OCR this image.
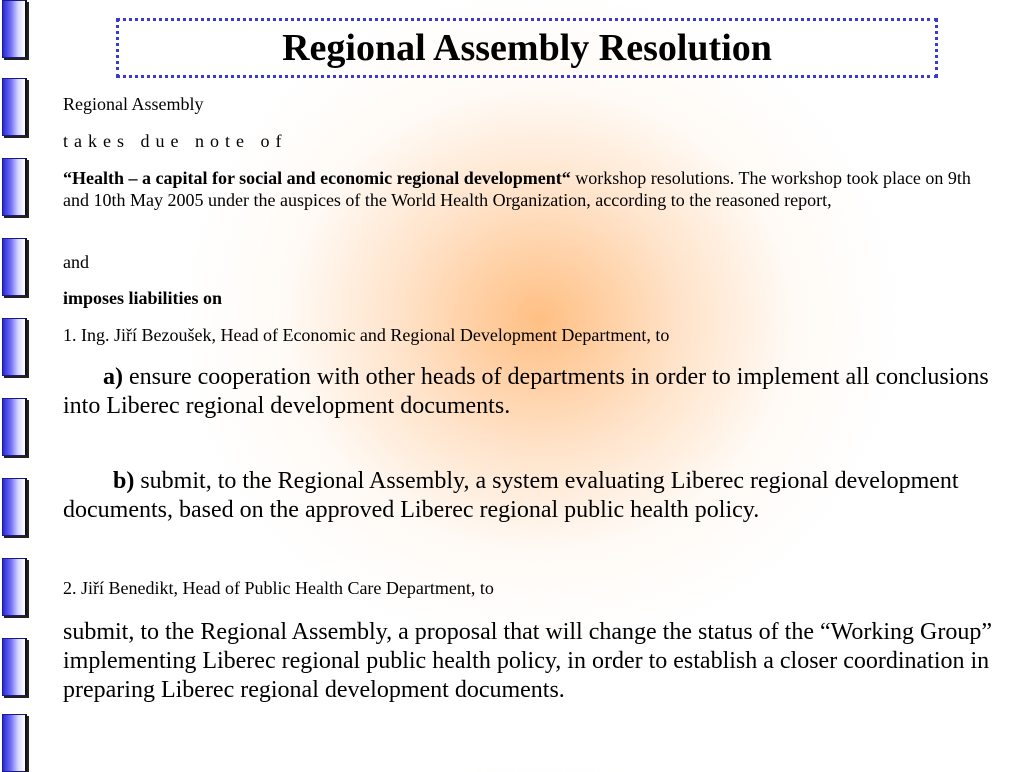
Regional Assembly Resolution

Regional Assembly

takes due note of

“Health – a capital for social and economic regional development“ workshop resolutions. The workshop took place on 9th and 10th May 2005 under the auspices of the World Health Organization, according to the reasoned report,

and

imposes liabilities on

1. Ing. Jiří Bezoušek, Head of Economic and Regional Development Department, to

a) ensure cooperation with other heads of departments in order to implement all conclusions into Liberec regional development documents.

b) submit, to the Regional Assembly, a system evaluating Liberec regional development documents, based on the approved Liberec regional public health policy.

2. Jiří Benedikt, Head of Public Health Care Department, to

submit, to the Regional Assembly, a proposal that will change the status of the “Working Group” implementing Liberec regional public health policy, in order to establish a closer coordination in preparing Liberec regional development documents.
